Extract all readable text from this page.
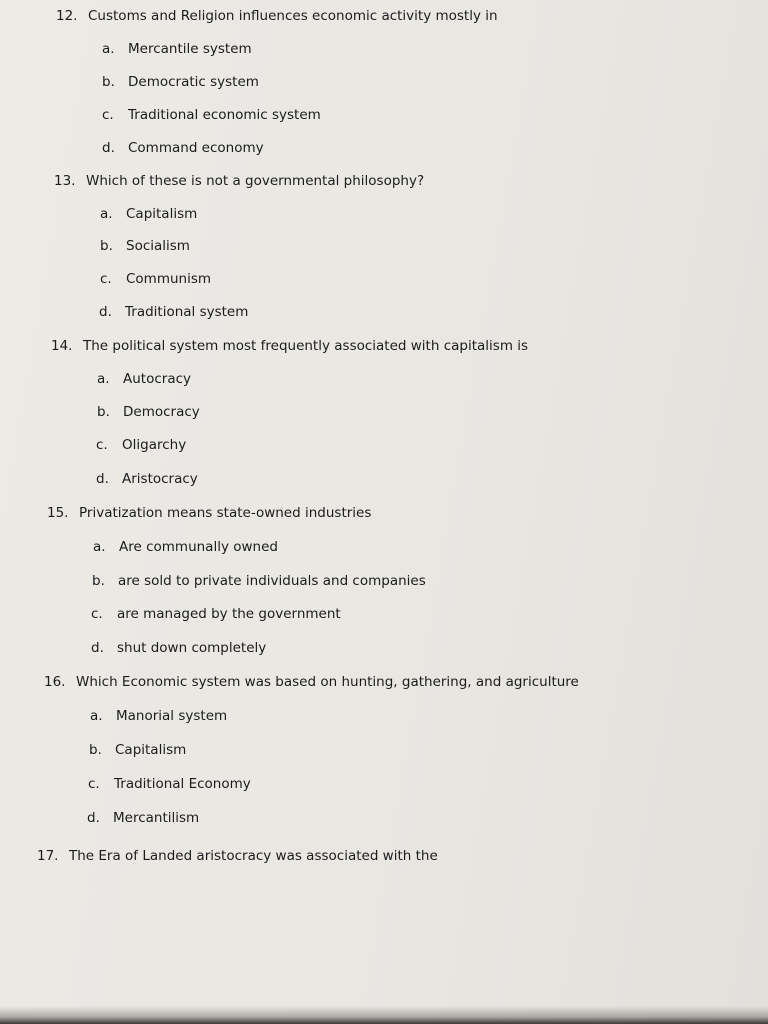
12. Customs and Religion influences economic activity mostly in
a. Mercantile system
b. Democratic system
c. Traditional economic system
d. Command economy
13. Which of these is not a governmental philosophy?
a. Capitalism
b. Socialism
c. Communism
d. Traditional system
14. The political system most frequently associated with capitalism is
a. Autocracy
b. Democracy
c. Oligarchy
d. Aristocracy
15. Privatization means state-owned industries
a. Are communally owned
b. are sold to private individuals and companies
c. are managed by the government
d. shut down completely
16. Which Economic system was based on hunting, gathering, and agriculture
a. Manorial system
b. Capitalism
c. Traditional Economy
d. Mercantilism
17. The Era of Landed aristocracy was associated with the
